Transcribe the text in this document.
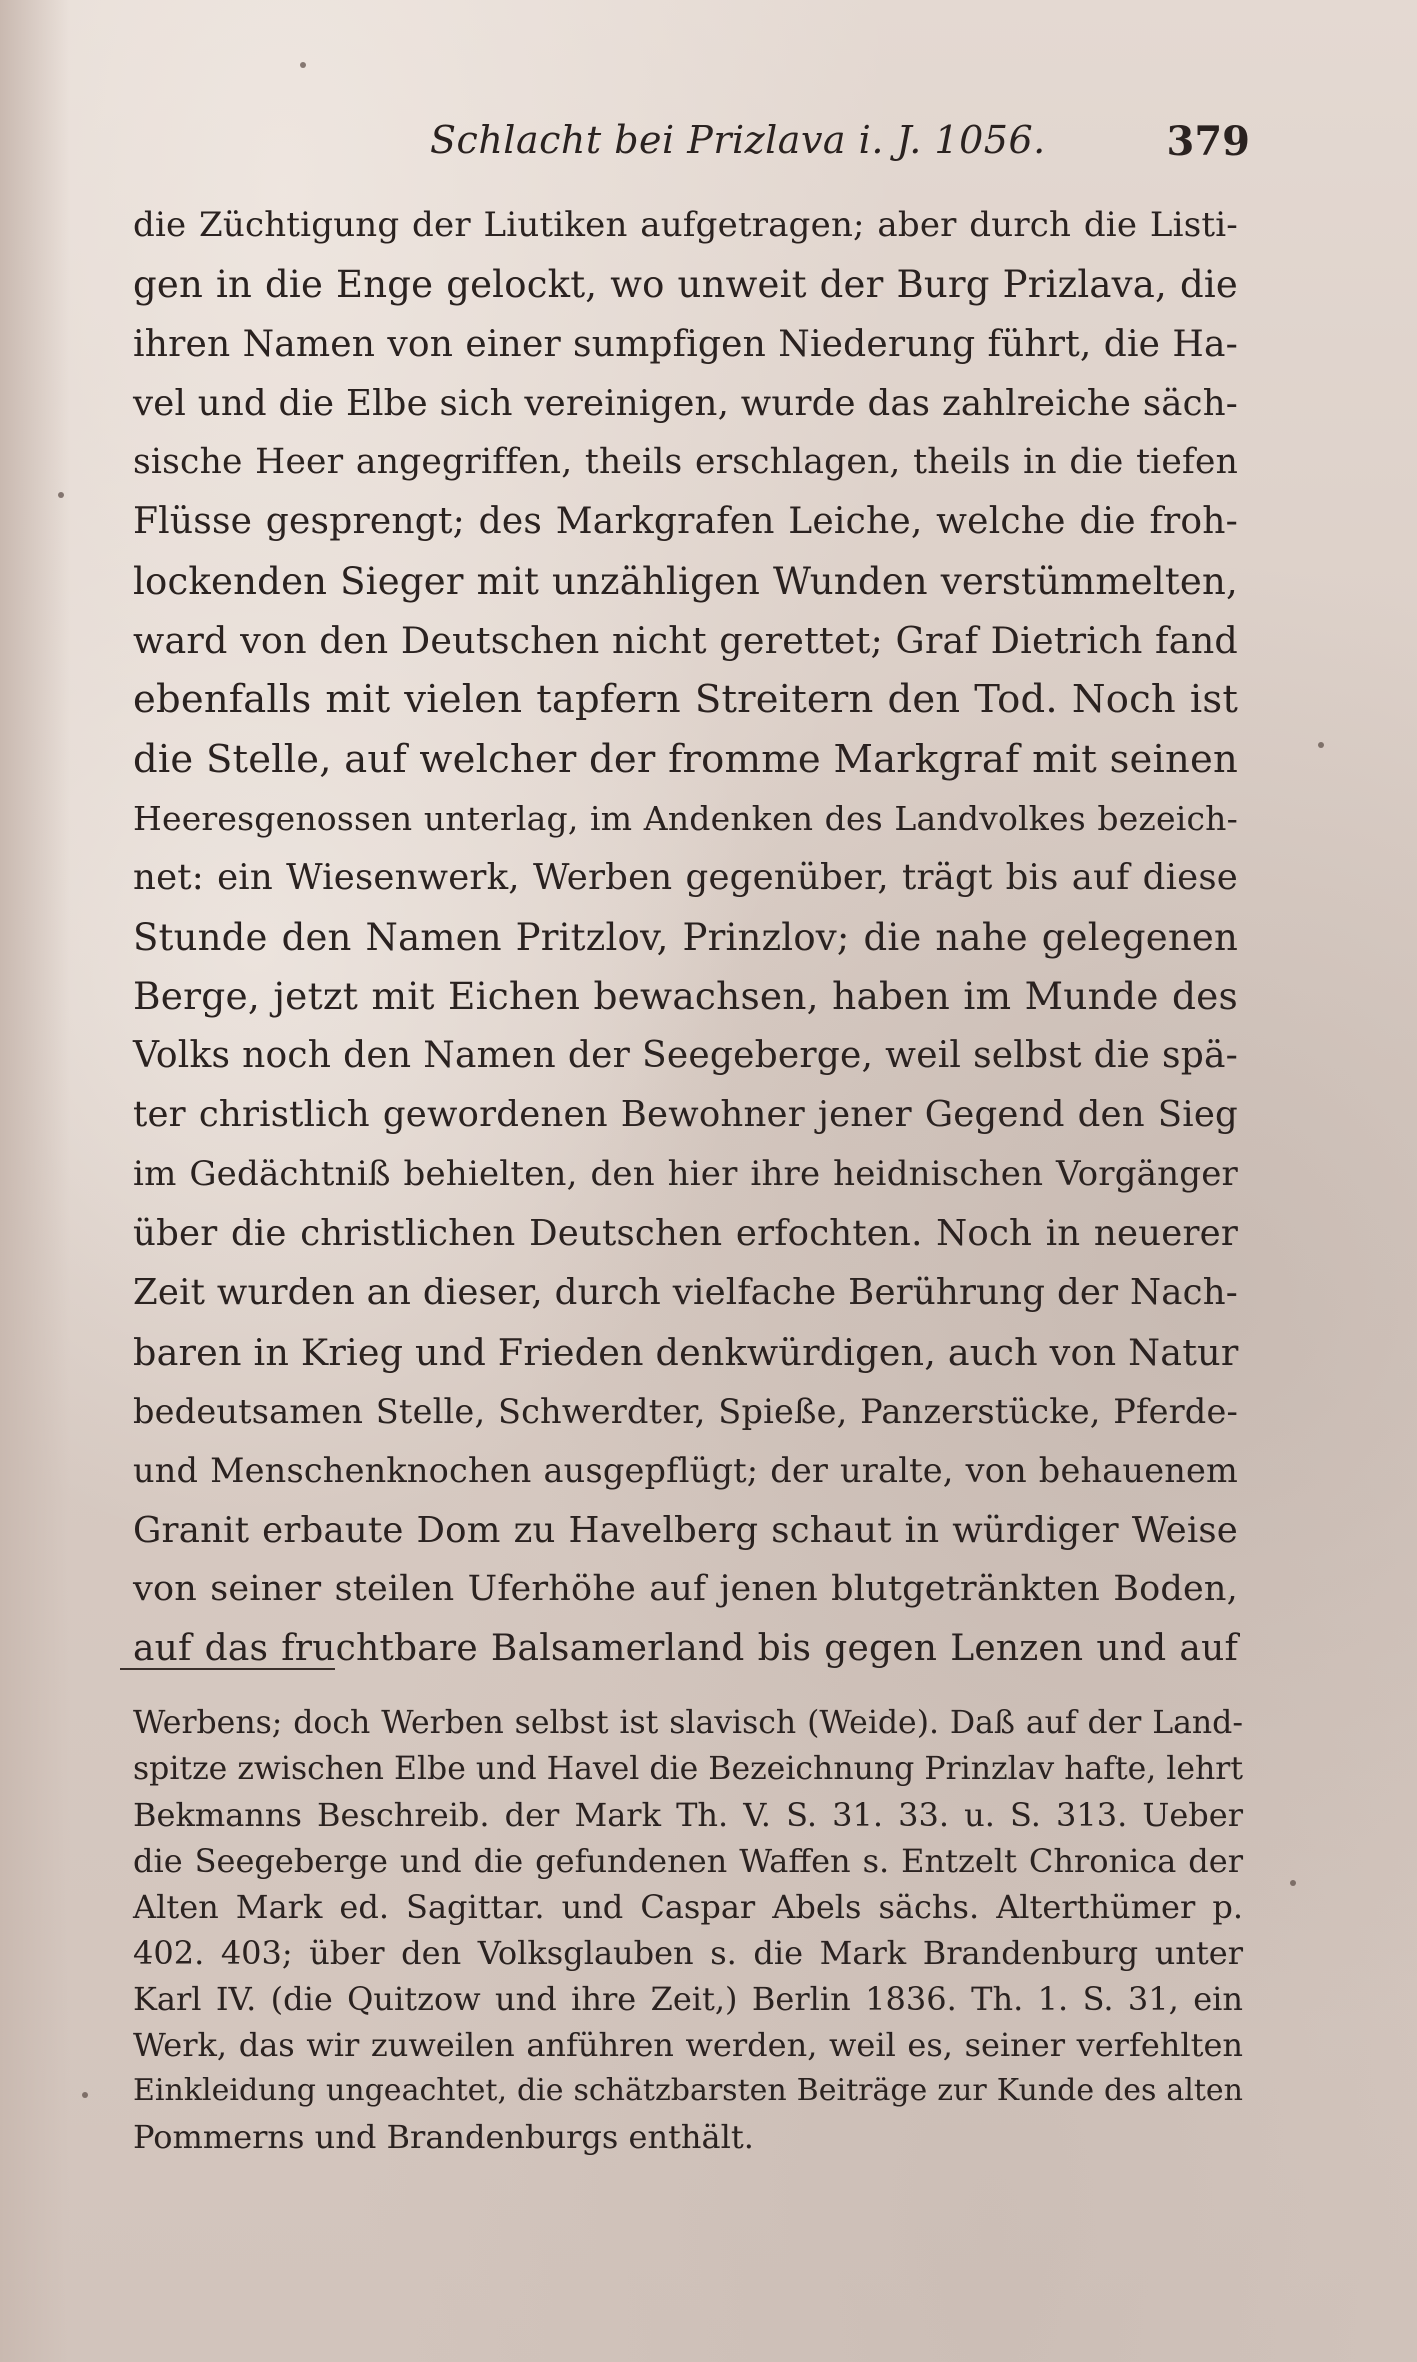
Schlacht bei Prizlava i. J. 1056.	379
die Züchtigung der Liutiken aufgetragen; aber durch die Listi-
gen in die Enge gelockt, wo unweit der Burg Prizlava, die
ihren Namen von einer sumpfigen Niederung führt, die Ha-
vel und die Elbe sich vereinigen, wurde das zahlreiche säch-
sische Heer angegriffen, theils erschlagen, theils in die tiefen
Flüsse gesprengt; des Markgrafen Leiche, welche die froh-
lockenden Sieger mit unzähligen Wunden verstümmelten,
ward von den Deutschen nicht gerettet; Graf Dietrich fand
ebenfalls mit vielen tapfern Streitern den Tod. Noch ist
die Stelle, auf welcher der fromme Markgraf mit seinen
Heeresgenossen unterlag, im Andenken des Landvolkes bezeich-
net: ein Wiesenwerk, Werben gegenüber, trägt bis auf diese
Stunde den Namen Pritzlov, Prinzlov; die nahe gelegenen
Berge, jetzt mit Eichen bewachsen, haben im Munde des
Volks noch den Namen der Seegeberge, weil selbst die spä-
ter christlich gewordenen Bewohner jener Gegend den Sieg
im Gedächtniß behielten, den hier ihre heidnischen Vorgänger
über die christlichen Deutschen erfochten. Noch in neuerer
Zeit wurden an dieser, durch vielfache Berührung der Nach-
baren in Krieg und Frieden denkwürdigen, auch von Natur
bedeutsamen Stelle, Schwerdter, Spieße, Panzerstücke, Pferde-
und Menschenknochen ausgepflügt; der uralte, von behauenem
Granit erbaute Dom zu Havelberg schaut in würdiger Weise
von seiner steilen Uferhöhe auf jenen blutgetränkten Boden,
auf das fruchtbare Balsamerland bis gegen Lenzen und auf
Werbens; doch Werben selbst ist slavisch (Weide). Daß auf der Land-
spitze zwischen Elbe und Havel die Bezeichnung Prinzlav hafte, lehrt
Bekmanns Beschreib. der Mark Th. V. S. 31. 33. u. S. 313. Ueber
die Seegeberge und die gefundenen Waffen s. Entzelt Chronica der
Alten Mark ed. Sagittar. und Caspar Abels sächs. Alterthümer p.
402. 403; über den Volksglauben s. die Mark Brandenburg unter
Karl IV. (die Quitzow und ihre Zeit,) Berlin 1836. Th. 1. S. 31, ein
Werk, das wir zuweilen anführen werden, weil es, seiner verfehlten
Einkleidung ungeachtet, die schätzbarsten Beiträge zur Kunde des alten
Pommerns und Brandenburgs enthält.
